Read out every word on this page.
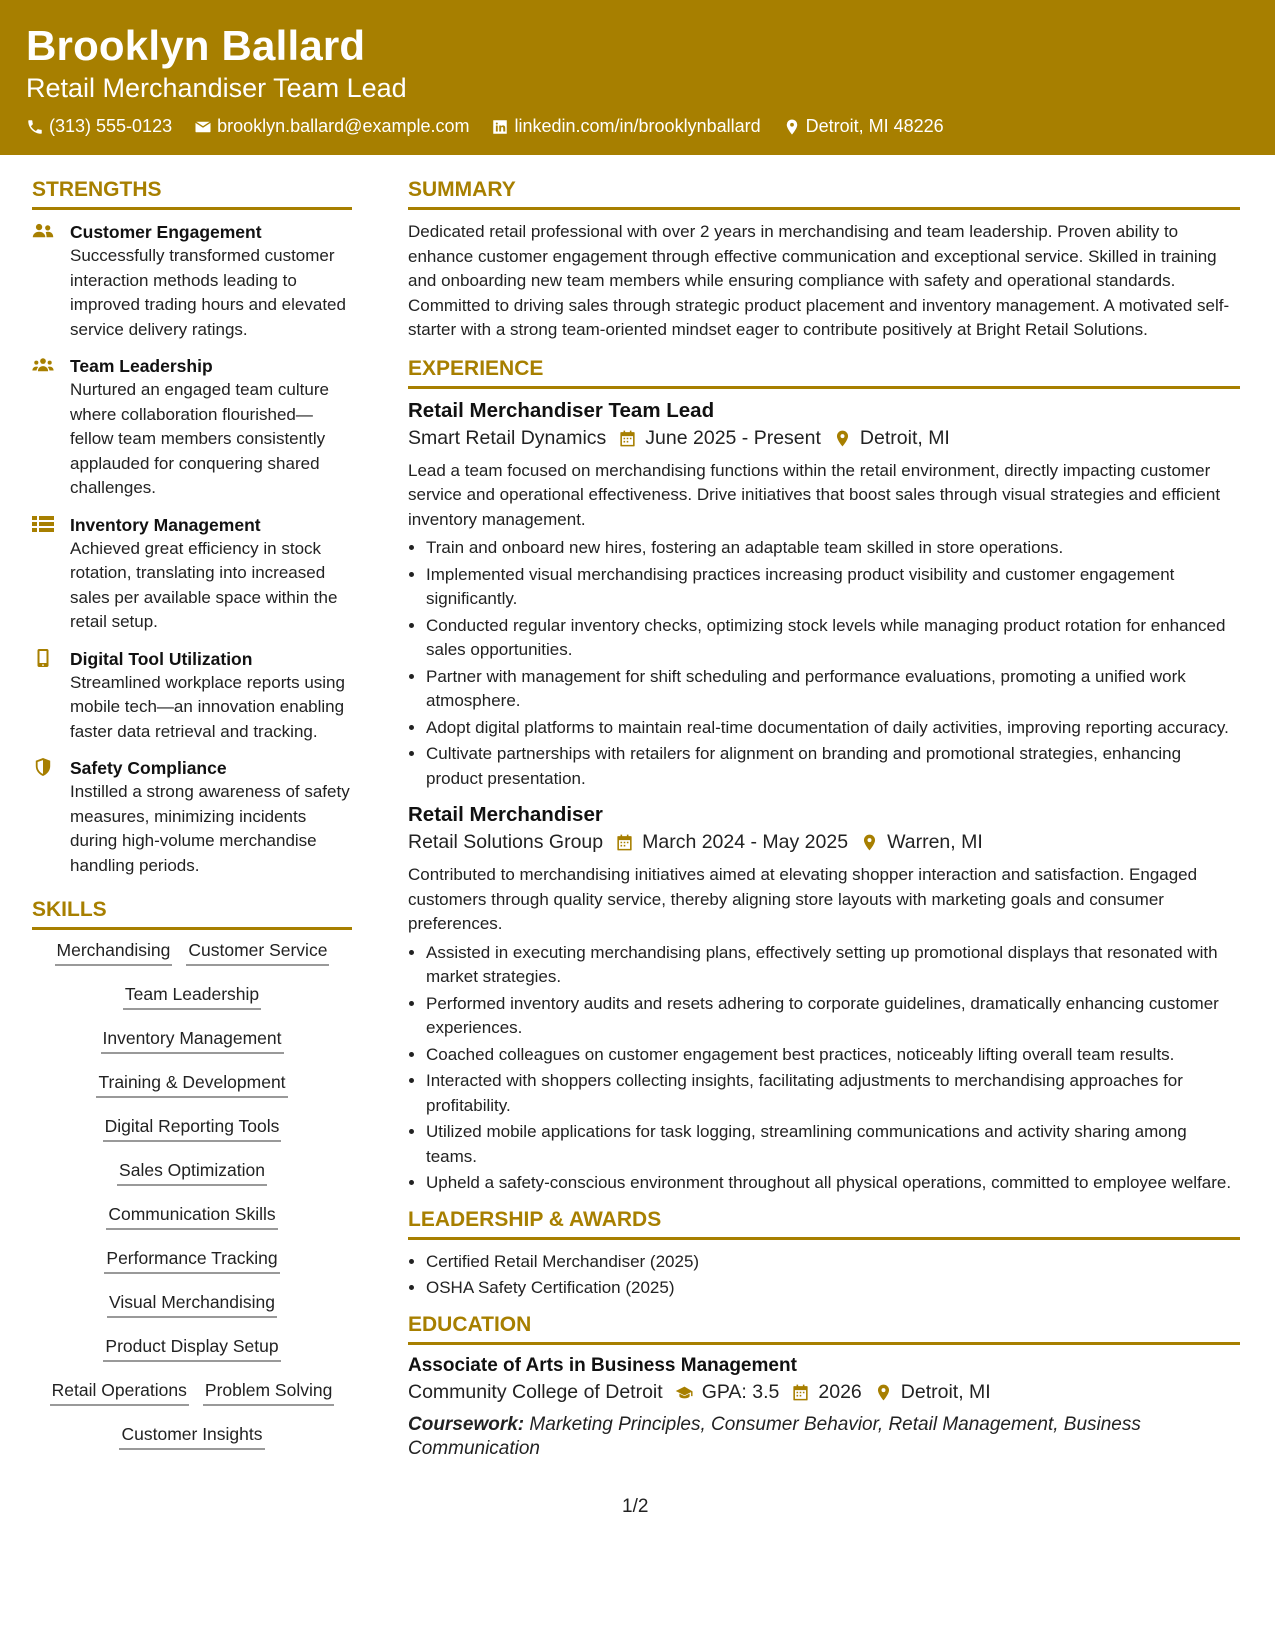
Brooklyn Ballard
Retail Merchandiser Team Lead
(313) 555-0123	brooklyn.ballard@example.com	linkedin.com/in/brooklynballard	Detroit, MI 48226
STRENGTHS
Customer Engagement
Successfully transformed customer interaction methods leading to improved trading hours and elevated service delivery ratings.
Team Leadership
Nurtured an engaged team culture where collaboration flourished—fellow team members consistently applauded for conquering shared challenges.
Inventory Management
Achieved great efficiency in stock rotation, translating into increased sales per available space within the retail setup.
Digital Tool Utilization
Streamlined workplace reports using mobile tech—an innovation enabling faster data retrieval and tracking.
Safety Compliance
Instilled a strong awareness of safety measures, minimizing incidents during high-volume merchandise handling periods.
SKILLS
Merchandising Customer Service
Team Leadership
Inventory Management
Training & Development
Digital Reporting Tools
Sales Optimization
Communication Skills
Performance Tracking
Visual Merchandising
Product Display Setup
Retail Operations Problem Solving
Customer Insights
SUMMARY

Dedicated retail professional with over 2 years in merchandising and team leadership. Proven ability to enhance customer engagement through effective communication and exceptional service. Skilled in training and onboarding new team members while ensuring compliance with safety and operational standards. Committed to driving sales through strategic product placement and inventory management. A motivated self-starter with a strong team-oriented mindset eager to contribute positively at Bright Retail Solutions.

EXPERIENCE
Retail Merchandiser Team Lead
Smart Retail Dynamics June 2025 - Present Detroit, MI

Lead a team focused on merchandising functions within the retail environment, directly impacting customer service and operational effectiveness. Drive initiatives that boost sales through visual strategies and efficient inventory management.

• Train and onboard new hires, fostering an adaptable team skilled in store operations.
• Implemented visual merchandising practices increasing product visibility and customer engagement significantly.
• Conducted regular inventory checks, optimizing stock levels while managing product rotation for enhanced sales opportunities.
• Partner with management for shift scheduling and performance evaluations, promoting a unified work atmosphere.
• Adopt digital platforms to maintain real-time documentation of daily activities, improving reporting accuracy.
• Cultivate partnerships with retailers for alignment on branding and promotional strategies, enhancing product presentation.
Retail Merchandiser
Retail Solutions Group March 2024 - May 2025 Warren, MI

Contributed to merchandising initiatives aimed at elevating shopper interaction and satisfaction. Engaged customers through quality service, thereby aligning store layouts with marketing goals and consumer preferences.

• Assisted in executing merchandising plans, effectively setting up promotional displays that resonated with market strategies.
• Performed inventory audits and resets adhering to corporate guidelines, dramatically enhancing customer experiences.
• Coached colleagues on customer engagement best practices, noticeably lifting overall team results.
• Interacted with shoppers collecting insights, facilitating adjustments to merchandising approaches for profitability.
• Utilized mobile applications for task logging, streamlining communications and activity sharing among teams.
• Upheld a safety-conscious environment throughout all physical operations, committed to employee welfare.
LEADERSHIP & AWARDS
• Certified Retail Merchandiser (2025)
• OSHA Safety Certification (2025)
EDUCATION
Associate of Arts in Business Management
Community College of Detroit GPA: 3.5 2026 Detroit, MI
Coursework: Marketing Principles, Consumer Behavior, Retail Management, Business Communication
1/2
